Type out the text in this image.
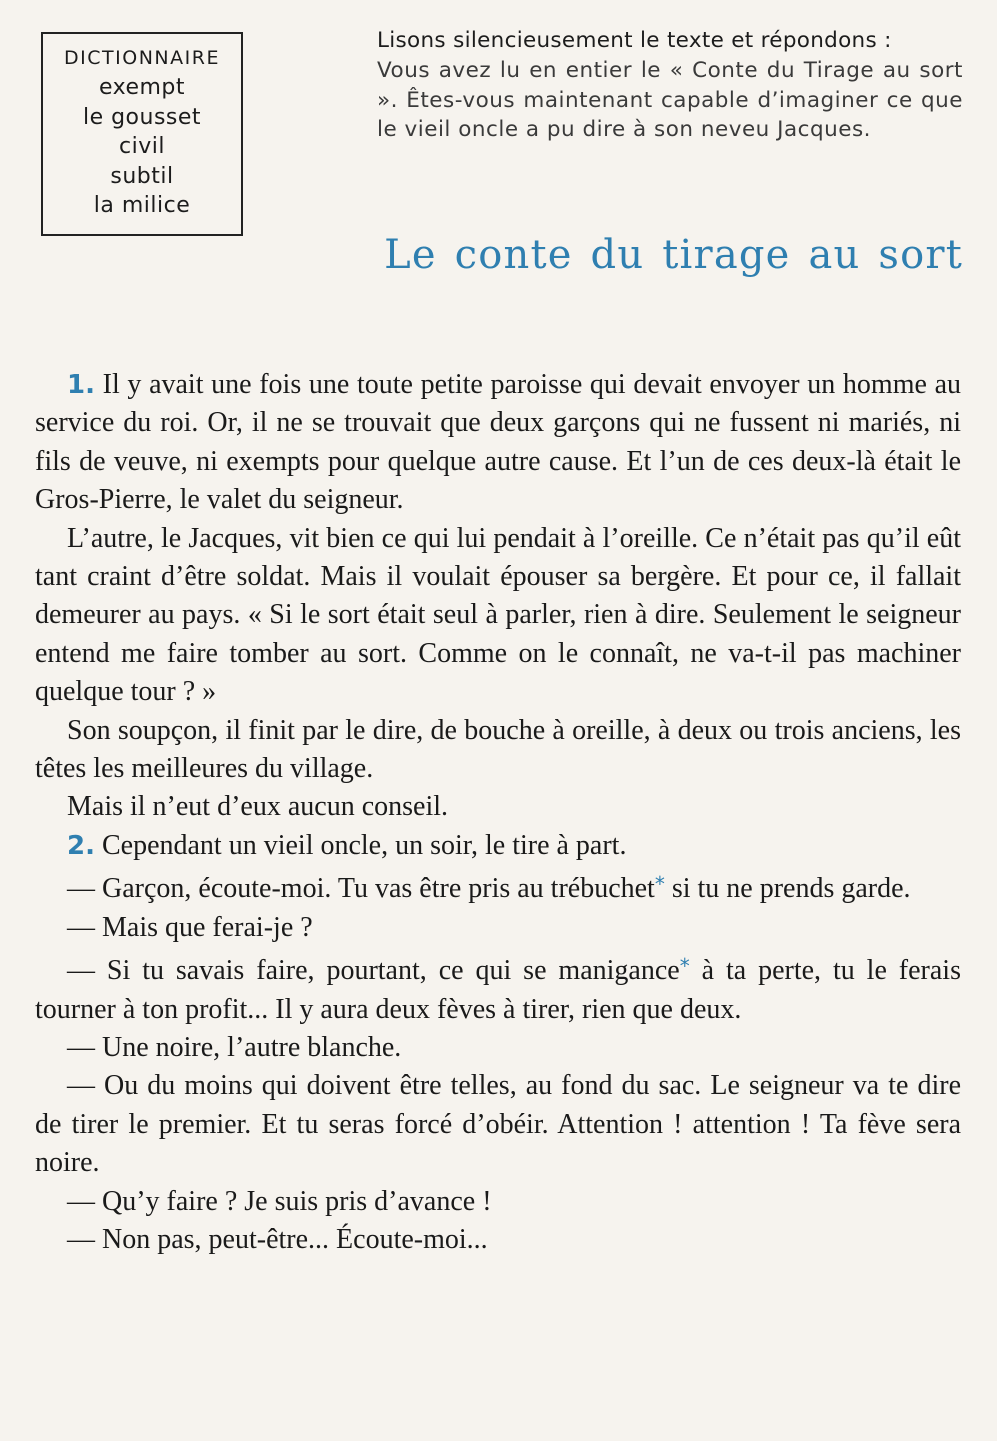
DICTIONNAIRE
exempt
le gousset
civil
subtil
la milice
Lisons silencieusement le texte et répondons :
Vous avez lu en entier le « Conte du Tirage au sort ». Êtes-vous maintenant capable d’imaginer ce que le vieil oncle a pu dire à son neveu Jacques.
Le conte du tirage au sort

1. Il y avait une fois une toute petite paroisse qui devait envoyer un homme au service du roi. Or, il ne se trouvait que deux garçons qui ne fussent ni mariés, ni fils de veuve, ni exempts pour quelque autre cause. Et l’un de ces deux-là était le Gros-Pierre, le valet du seigneur.

L’autre, le Jacques, vit bien ce qui lui pendait à l’oreille. Ce n’était pas qu’il eût tant craint d’être soldat. Mais il voulait épouser sa bergère. Et pour ce, il fallait demeurer au pays. « Si le sort était seul à parler, rien à dire. Seulement le seigneur entend me faire tomber au sort. Comme on le connaît, ne va-t-il pas machiner quelque tour ? »

Son soupçon, il finit par le dire, de bouche à oreille, à deux ou trois anciens, les têtes les meilleures du village.

Mais il n’eut d’eux aucun conseil.

2. Cependant un vieil oncle, un soir, le tire à part.

— Garçon, écoute-moi. Tu vas être pris au trébuchet* si tu ne prends garde.

— Mais que ferai-je ?

— Si tu savais faire, pourtant, ce qui se manigance* à ta perte, tu le ferais tourner à ton profit... Il y aura deux fèves à tirer, rien que deux.

— Une noire, l’autre blanche.

— Ou du moins qui doivent être telles, au fond du sac. Le seigneur va te dire de tirer le premier. Et tu seras forcé d’obéir. Attention ! attention ! Ta fève sera noire.

— Qu’y faire ? Je suis pris d’avance !

— Non pas, peut-être... Écoute-moi...
